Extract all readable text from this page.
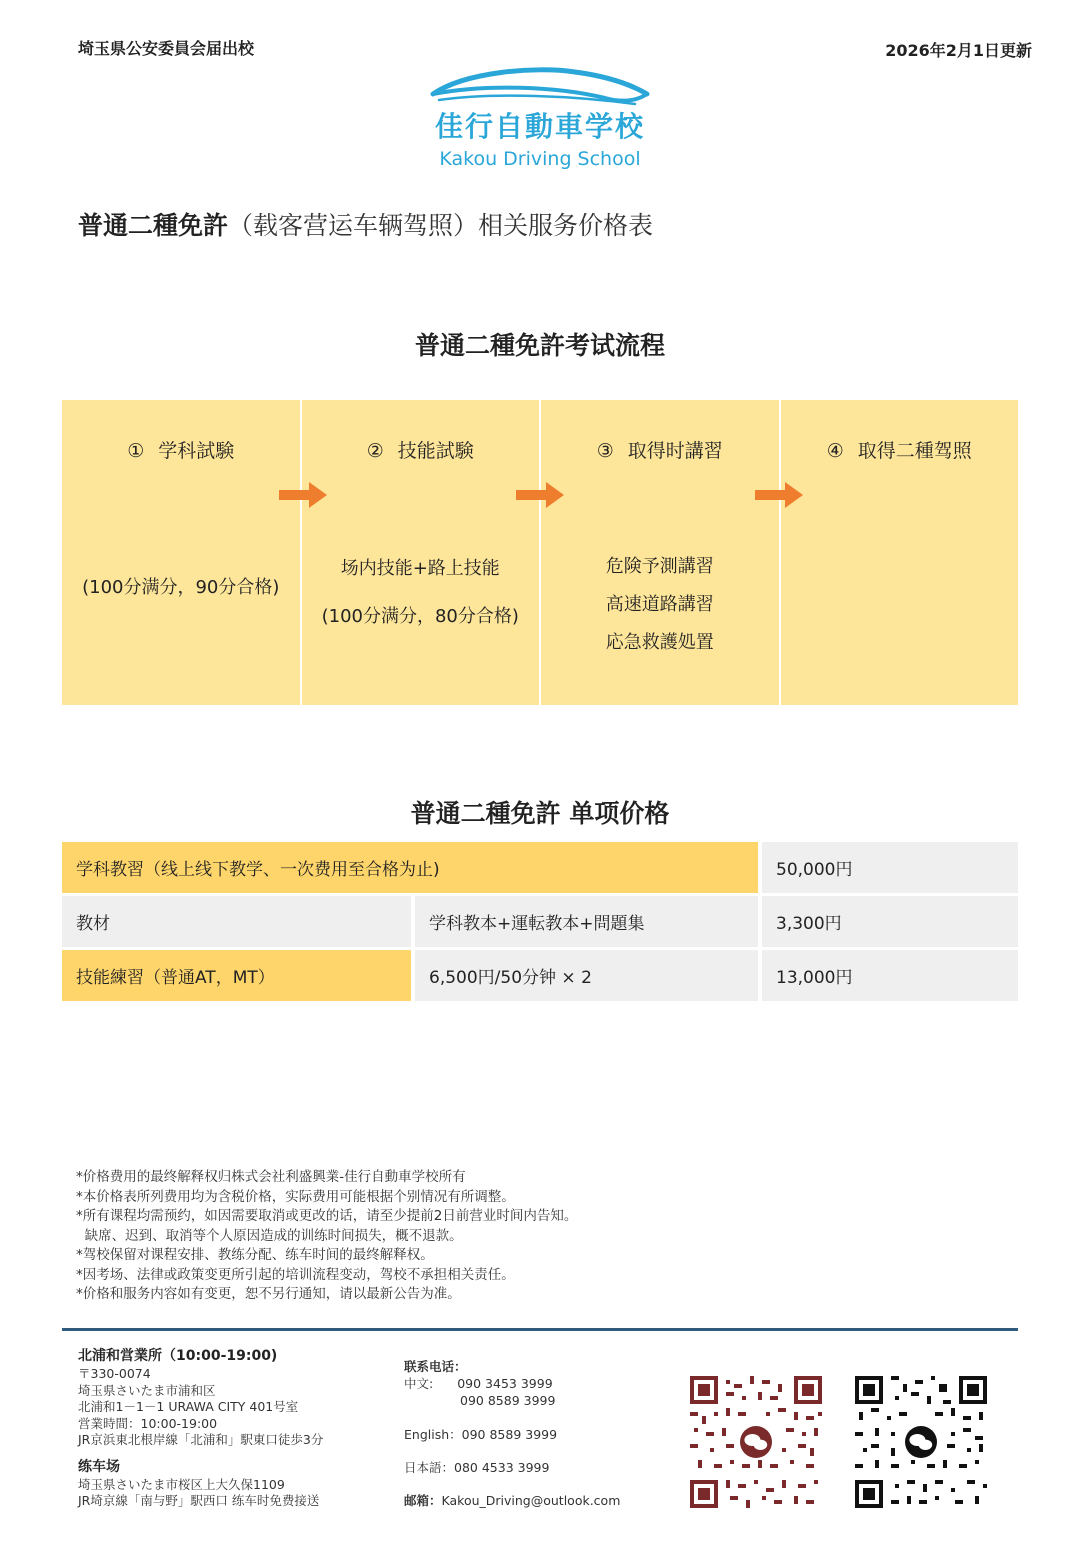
埼玉県公安委員会届出校	2026年2月1日更新
佳行自動車学校
Kakou Driving School
普通二種免許（载客营运车辆驾照）相关服务价格表
普通二種免許考试流程
① 学科試験
(100分满分，90分合格)
② 技能試験
场内技能+路上技能
(100分满分，80分合格)
③ 取得时講習
危険予測講習
高速道路講習
応急救護処置
④ 取得二種驾照
普通二種免許 单项价格
学科教習（线上线下教学、一次费用至合格为止)		50,000円
教材	学科教本+運転教本+問題集	3,300円
技能練習（普通AT，MT）	6,500円/50分钟 × 2	13,000円
*价格费用的最终解释权归株式会社利盛興業-佳行自動車学校所有
*本价格表所列费用均为含税价格，实际费用可能根据个别情况有所调整。
*所有课程均需预约，如因需要取消或更改的话，请至少提前2日前营业时间内告知。
缺席、迟到、取消等个人原因造成的训练时间损失，概不退款。
*驾校保留对课程安排、教练分配、练车时间的最终解释权。
*因考场、法律或政策变更所引起的培训流程变动，驾校不承担相关责任。
*价格和服务内容如有变更，恕不另行通知，请以最新公告为准。
北浦和営業所（10:00-19:00)
〒330-0074
埼玉県さいたま市浦和区
北浦和1－1－1 URAWA CITY 401号室
営業時間：10:00-19:00
JR京浜東北根岸線「北浦和」駅東口徒歩3分
练车场
埼玉県さいたま市桜区上大久保1109
JR埼京線「南与野」駅西口 练车时免费接送
联系电话：
中文: 090 3453 3999
090 8589 3999
English：090 8589 3999
日本語：080 4533 3999
邮箱：Kakou_Driving@outlook.com
